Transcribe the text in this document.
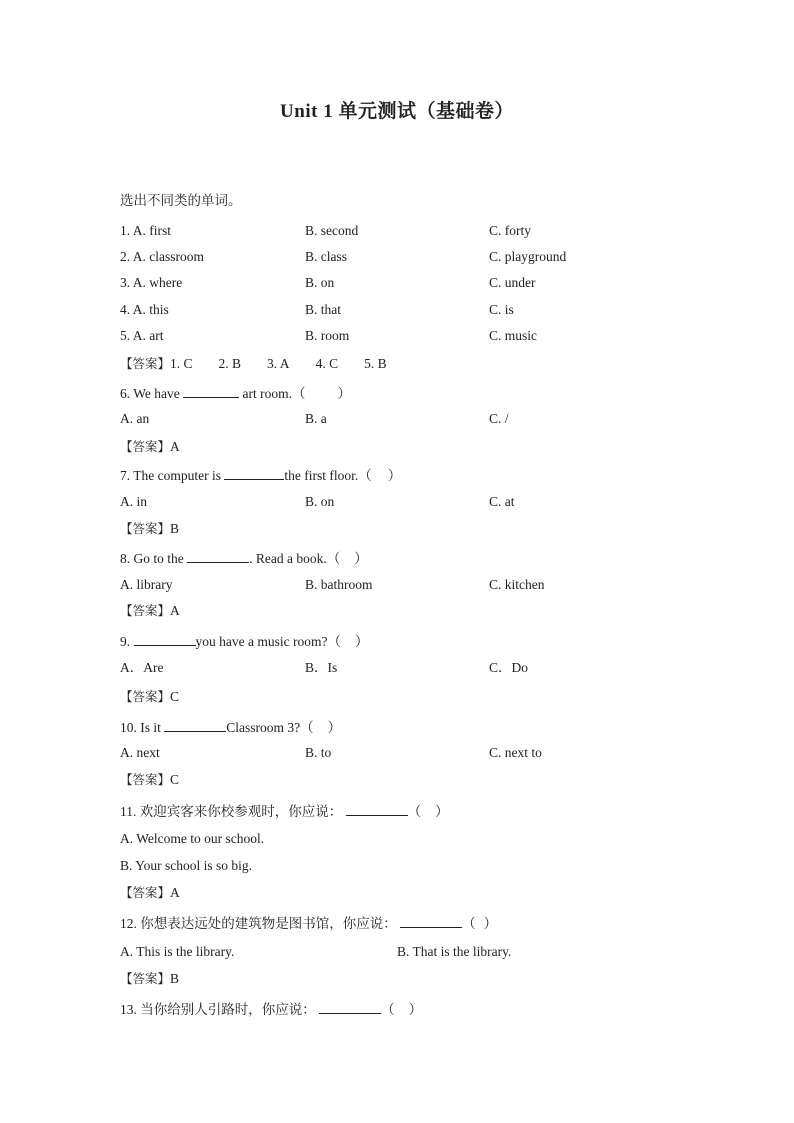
Unit 1 单元测试（基础卷）
选出不同类的单词。
1. A. first	B. second	C. forty
2. A. classroom	B. class	C. playground
3. A. where	B. on	C. under
4. A. this	B. that	C. is
5. A. art	B. room	C. music
【答案】1. C 2. B 3. A 4. C 5. B
6. We have	art room.（ ）
A. an	B. a	C. /
【答案】A
7. The computer is	the first floor.（ ）
A. in	B. on	C. at
【答案】B
8. Go to the	. Read a book.（ ）
A. library	B. bathroom	C. kitchen
【答案】A
9.	you have a music room?（ ）
A．Are	B．Is	C．Do
【答案】C
10. Is it	Classroom 3?（ ）
A. next	B. to	C. next to
【答案】C
11. 欢迎宾客来你校参观时，你应说：	（ ）
A. Welcome to our school.
B. Your school is so big.
【答案】A
12. 你想表达远处的建筑物是图书馆，你应说：	（ ）
A. This is the library.	B. That is the library.
【答案】B
13. 当你给别人引路时，你应说：	（ ）
